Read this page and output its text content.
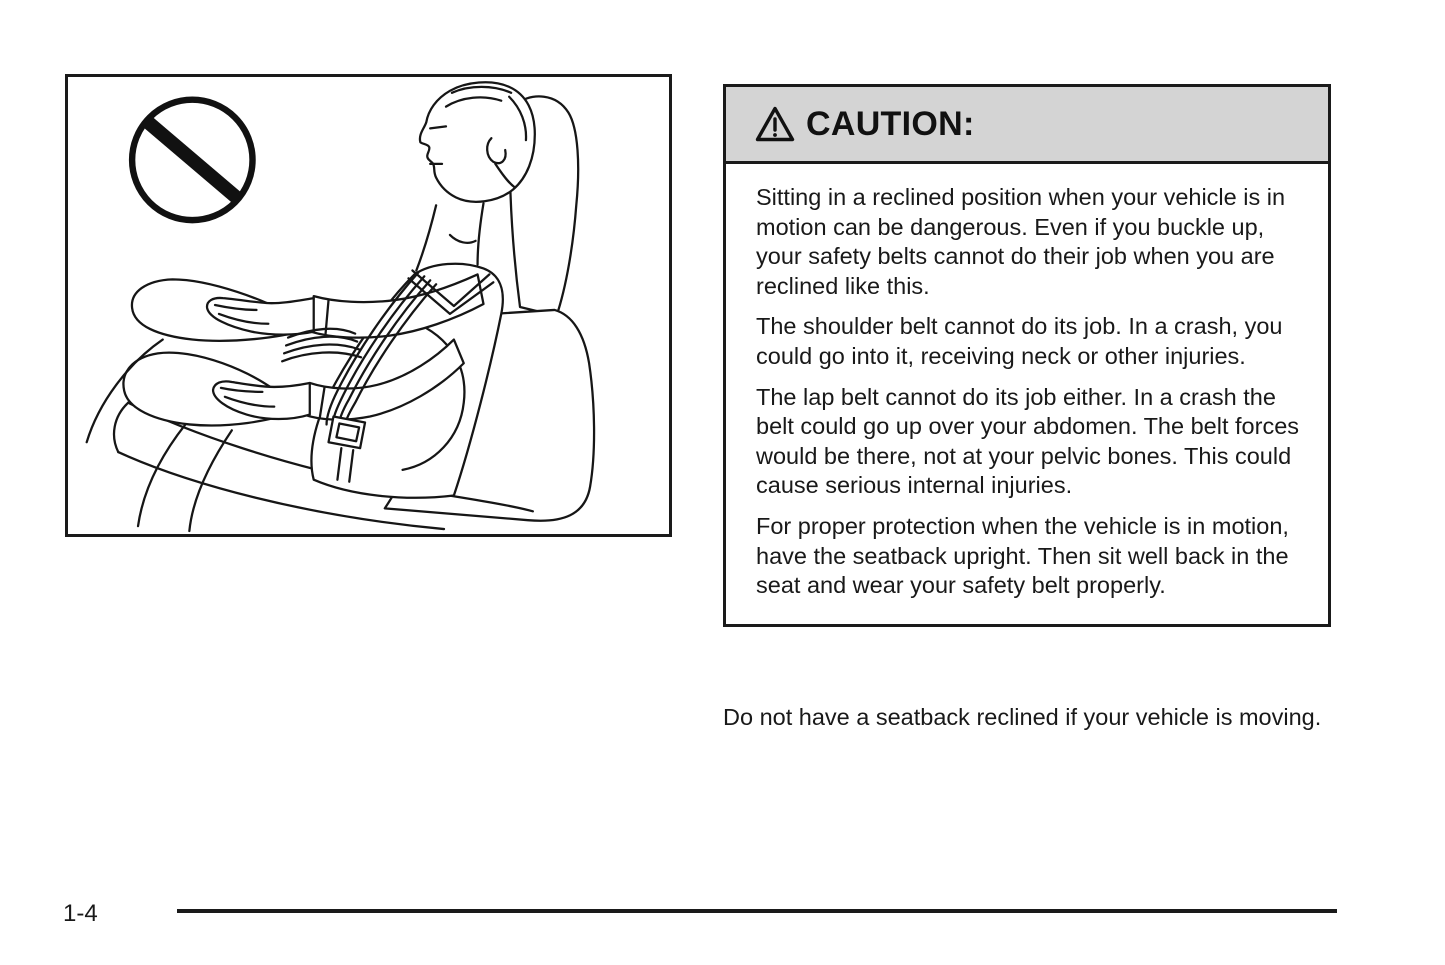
CAUTION:

Sitting in a reclined position when your vehicle is in motion can be dangerous. Even if you buckle up, your safety belts cannot do their job when you are reclined like this.

The shoulder belt cannot do its job. In a crash, you could go into it, receiving neck or other injuries.

The lap belt cannot do its job either. In a crash the belt could go up over your abdomen. The belt forces would be there, not at your pelvic bones. This could cause serious internal injuries.

For proper protection when the vehicle is in motion, have the seatback upright. Then sit well back in the seat and wear your safety belt properly.

Do not have a seatback reclined if your vehicle is moving.

1-4
